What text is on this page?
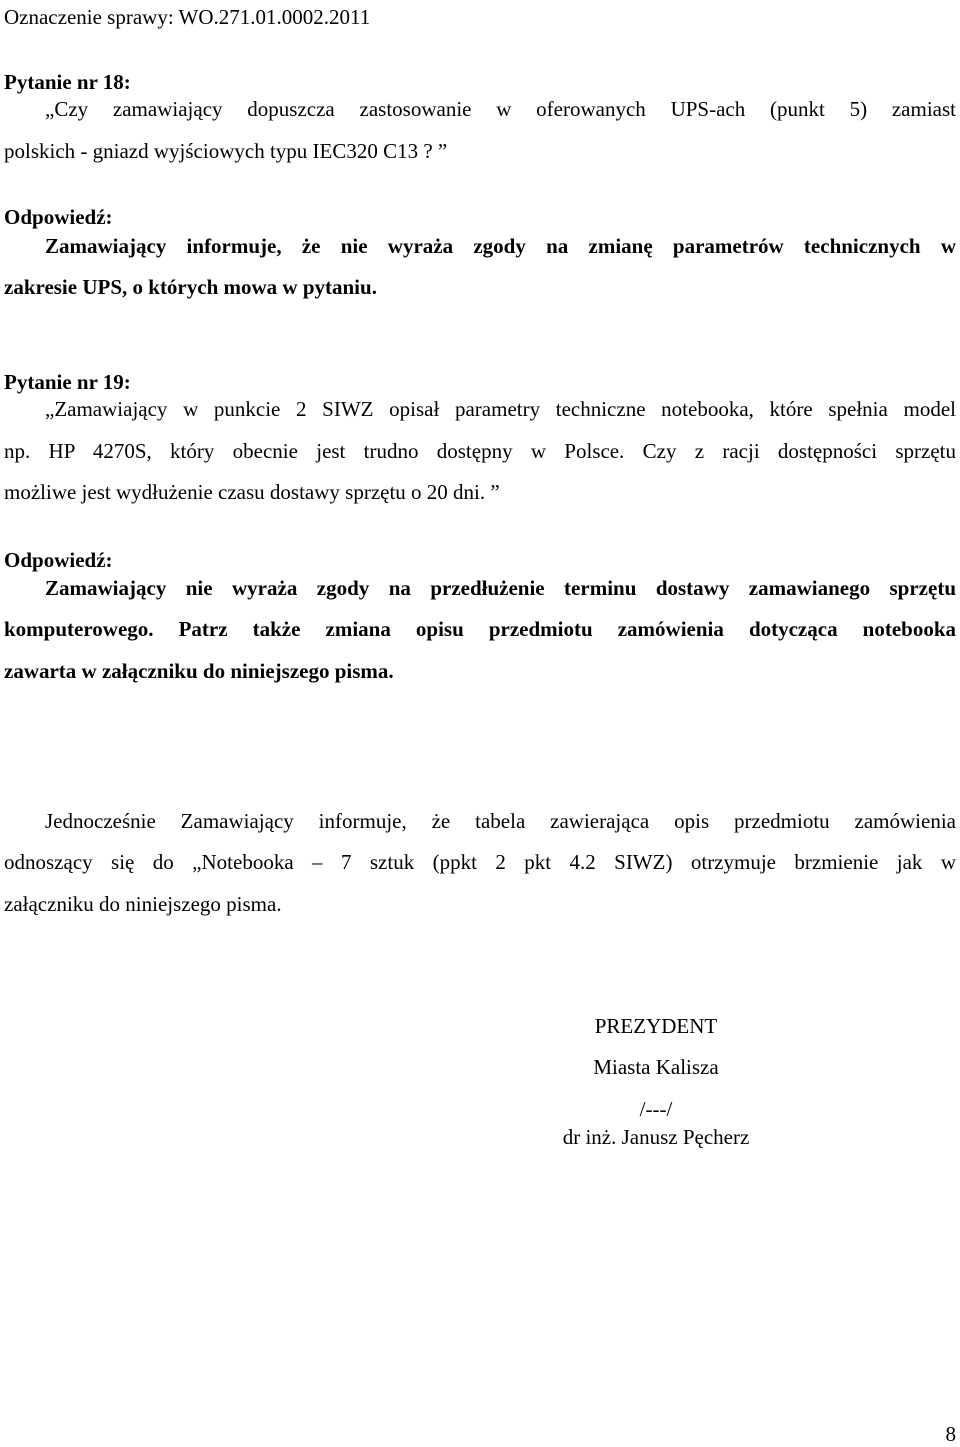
Oznaczenie sprawy: WO.271.01.0002.2011
Pytanie nr 18:
„Czy zamawiający dopuszcza zastosowanie w oferowanych UPS-ach (punkt 5) zamiast
polskich - gniazd wyjściowych typu IEC320 C13 ? ”
Odpowiedź:
Zamawiający informuje, że nie wyraża zgody na zmianę parametrów technicznych w
zakresie UPS, o których mowa w pytaniu.
Pytanie nr 19:
„Zamawiający w punkcie 2 SIWZ opisał parametry techniczne notebooka, które spełnia model
np. HP 4270S, który obecnie jest trudno dostępny w Polsce. Czy z racji dostępności sprzętu
możliwe jest wydłużenie czasu dostawy sprzętu o 20 dni. ”
Odpowiedź:
Zamawiający nie wyraża zgody na przedłużenie terminu dostawy zamawianego sprzętu
komputerowego. Patrz także zmiana opisu przedmiotu zamówienia dotycząca notebooka
zawarta w załączniku do niniejszego pisma.
Jednocześnie Zamawiający informuje, że tabela zawierająca opis przedmiotu zamówienia
odnoszący się do „Notebooka – 7 sztuk (ppkt 2 pkt 4.2 SIWZ) otrzymuje brzmienie jak w
załączniku do niniejszego pisma.
PREZYDENT
Miasta Kalisza
/---/
dr inż. Janusz Pęcherz
8
